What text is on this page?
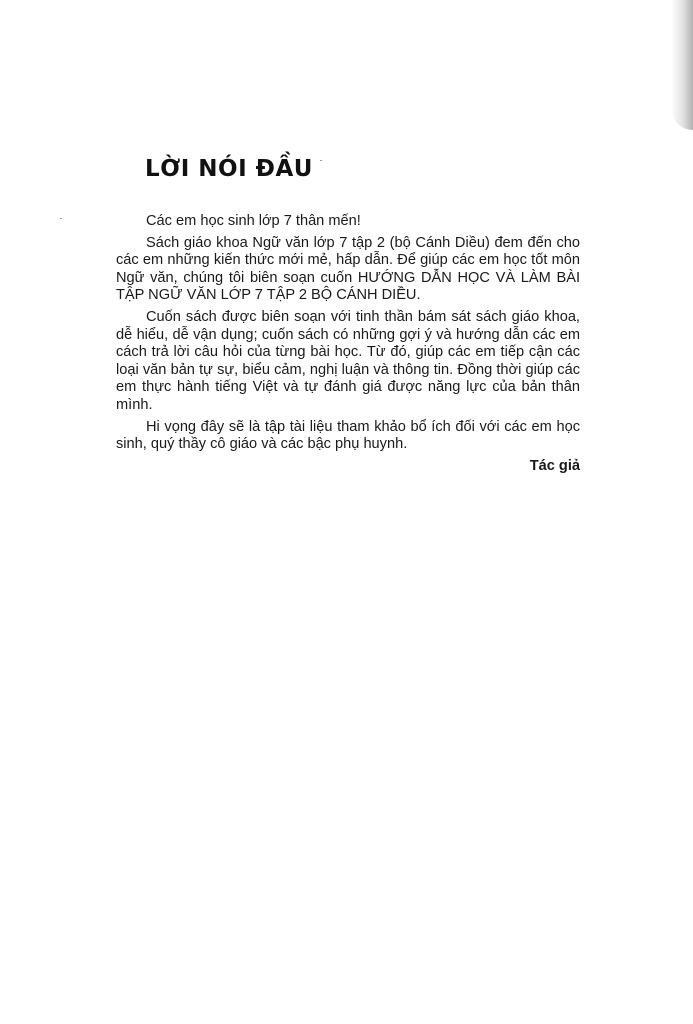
LỜI NÓI ĐẦU

Các em học sinh lớp 7 thân mến!

Sách giáo khoa Ngữ văn lớp 7 tập 2 (bộ Cánh Diều) đem đến cho các em những kiến thức mới mẻ, hấp dẫn. Để giúp các em học tốt môn Ngữ văn, chúng tôi biên soạn cuốn HƯỚNG DẪN HỌC VÀ LÀM BÀI TẬP NGỮ VĂN LỚP 7 TẬP 2 BỘ CÁNH DIỀU.

Cuốn sách được biên soạn với tinh thần bám sát sách giáo khoa, dễ hiểu, dễ vận dụng; cuốn sách có những gợi ý và hướng dẫn các em cách trả lời câu hỏi của từng bài học. Từ đó, giúp các em tiếp cận các loại văn bản tự sự, biểu cảm, nghị luận và thông tin. Đồng thời giúp các em thực hành tiếng Việt và tự đánh giá được năng lực của bản thân mình.

Hi vọng đây sẽ là tập tài liệu tham khảo bổ ích đối với các em học sinh, quý thầy cô giáo và các bậc phụ huynh.

Tác giả
